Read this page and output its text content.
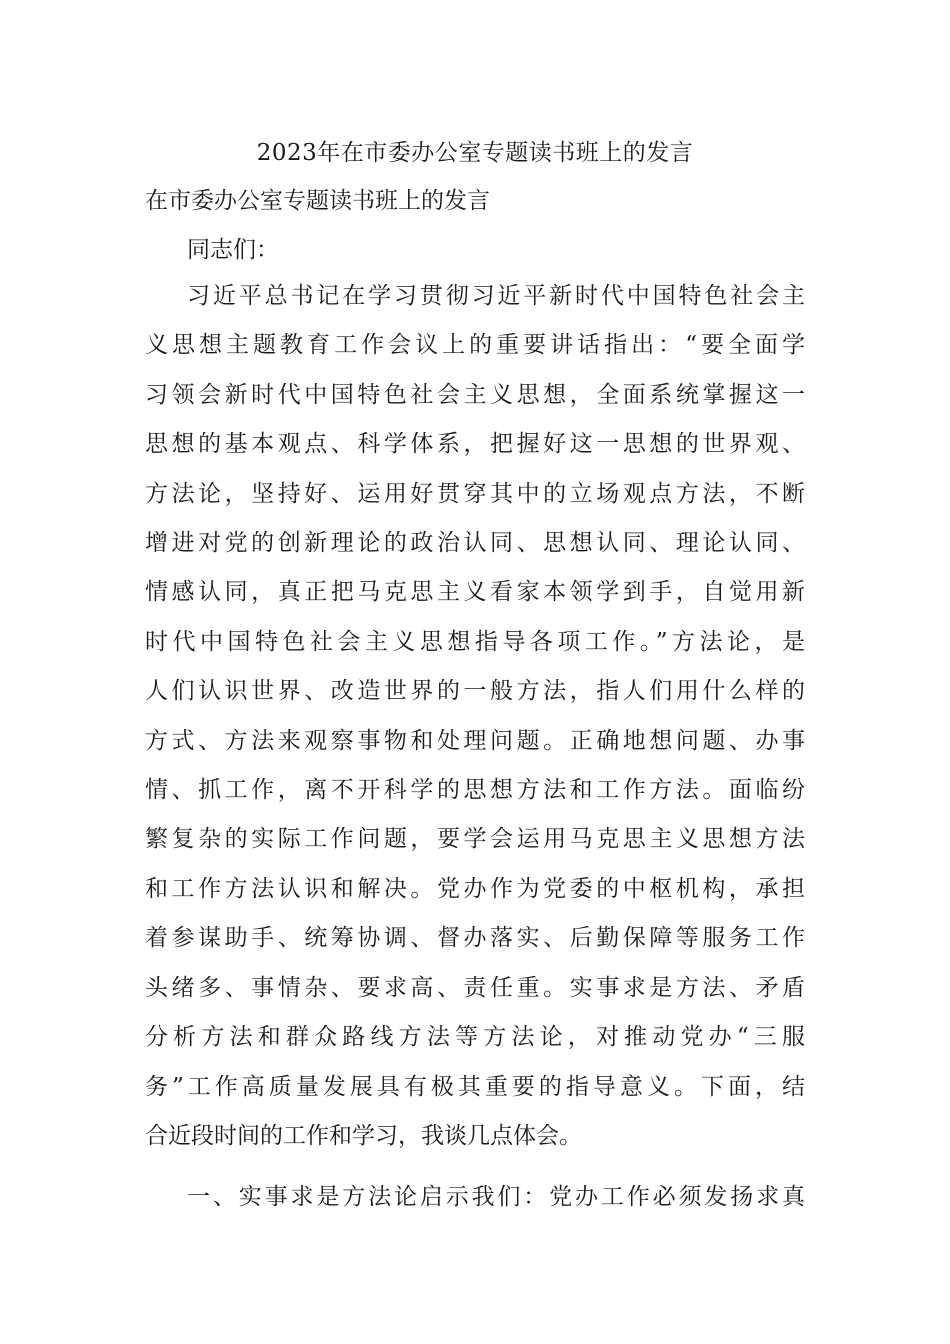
2023年在市委办公室专题读书班上的发言
在市委办公室专题读书班上的发言

同志们：

习近平总书记在学习贯彻习近平新时代中国特色社会主
义思想主题教育工作会议上的重要讲话指出：“要全面学
习领会新时代中国特色社会主义思想，全面系统掌握这一
思想的基本观点、科学体系，把握好这一思想的世界观、
方法论，坚持好、运用好贯穿其中的立场观点方法，不断
增进对党的创新理论的政治认同、思想认同、理论认同、
情感认同，真正把马克思主义看家本领学到手，自觉用新
时代中国特色社会主义思想指导各项工作。”方法论，是
人们认识世界、改造世界的一般方法，指人们用什么样的
方式、方法来观察事物和处理问题。正确地想问题、办事
情、抓工作，离不开科学的思想方法和工作方法。面临纷
繁复杂的实际工作问题，要学会运用马克思主义思想方法
和工作方法认识和解决。党办作为党委的中枢机构，承担
着参谋助手、统筹协调、督办落实、后勤保障等服务工作
头绪多、事情杂、要求高、责任重。实事求是方法、矛盾
分析方法和群众路线方法等方法论，对推动党办“三服
务”工作高质量发展具有极其重要的指导意义。下面，结
合近段时间的工作和学习，我谈几点体会。

一、实事求是方法论启示我们：党办工作必须发扬求真
